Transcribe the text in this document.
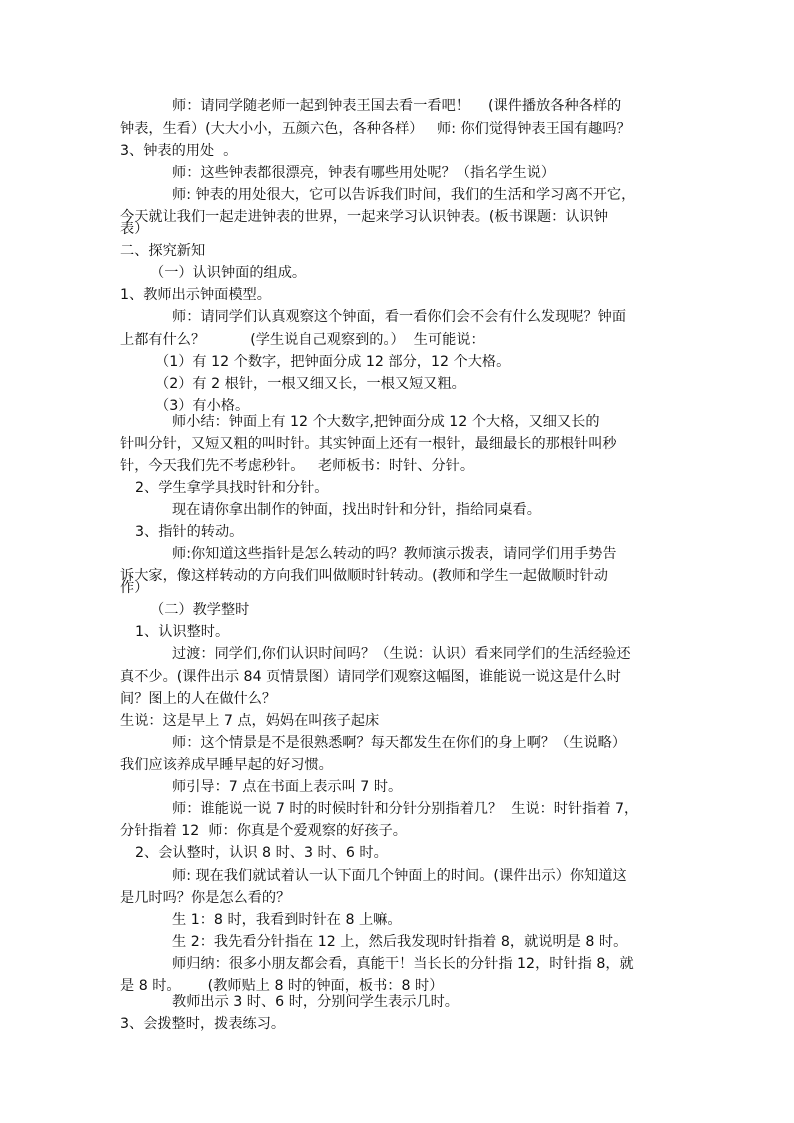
师：请同学随老师一起到钟表王国去看一看吧！    (课件播放各种各样的
钟表，生看）(大大小小，五颜六色，各种各样）   师: 你们觉得钟表王国有趣吗？
3、钟表的用处  。
师：这些钟表都很漂亮，钟表有哪些用处呢？（指名学生说）
师: 钟表的用处很大，它可以告诉我们时间，我们的生活和学习离不开它，
今天就让我们一起走进钟表的世界，一起来学习认识钟表。(板书课题：认识钟
表）
二、探究新知
（一）认识钟面的组成。
1、教师出示钟面模型。
师：请同学们认真观察这个钟面，看一看你们会不会有什么发现呢？钟面
上都有什么？          (学生说自己观察到的。）  生可能说：
（1）有 12 个数字，把钟面分成 12 部分，12 个大格。
（2）有 2 根针，一根又细又长，一根又短又粗。
（3）有小格。
师小结：钟面上有 12 个大数字,把钟面分成 12 个大格，又细又长的
针叫分针，又短又粗的叫时针。其实钟面上还有一根针，最细最长的那根针叫秒
针，今天我们先不考虑秒针。   老师板书：时针、分针。
2、学生拿学具找时针和分针。
现在请你拿出制作的钟面，找出时针和分针，指给同桌看。
3、指针的转动。
师:你知道这些指针是怎么转动的吗？教师演示拨表，请同学们用手势告
诉大家，像这样转动的方向我们叫做顺时针转动。(教师和学生一起做顺时针动
作）
（二）教学整时
1、认识整时。
过渡：同学们,你们认识时间吗？（生说：认识）看来同学们的生活经验还
真不少。(课件出示 84 页情景图）请同学们观察这幅图，谁能说一说这是什么时
间？图上的人在做什么？
生说：这是早上 7 点，妈妈在叫孩子起床
师：这个情景是不是很熟悉啊？每天都发生在你们的身上啊？（生说略）
我们应该养成早睡早起的好习惯。
师引导：7 点在书面上表示叫 7 时。
师：谁能说一说 7 时的时候时针和分针分别指着几？  生说：时针指着 7，
分针指着 12  师：你真是个爱观察的好孩子。
2、会认整时，认识 8 时、3 时、6 时。
师: 现在我们就试着认一认下面几个钟面上的时间。(课件出示）你知道这
是几时吗？你是怎么看的？
生 1：8 时，我看到时针在 8 上嘛。
生 2：我先看分针指在 12 上，然后我发现时针指着 8，就说明是 8 时。
师归纳：很多小朋友都会看，真能干！当长长的分针指 12，时针指 8，就
是 8 时。      (教师贴上 8 时的钟面，板书：8 时）
教师出示 3 时、6 时，分别问学生表示几时。
3、会拨整时，拨表练习。
